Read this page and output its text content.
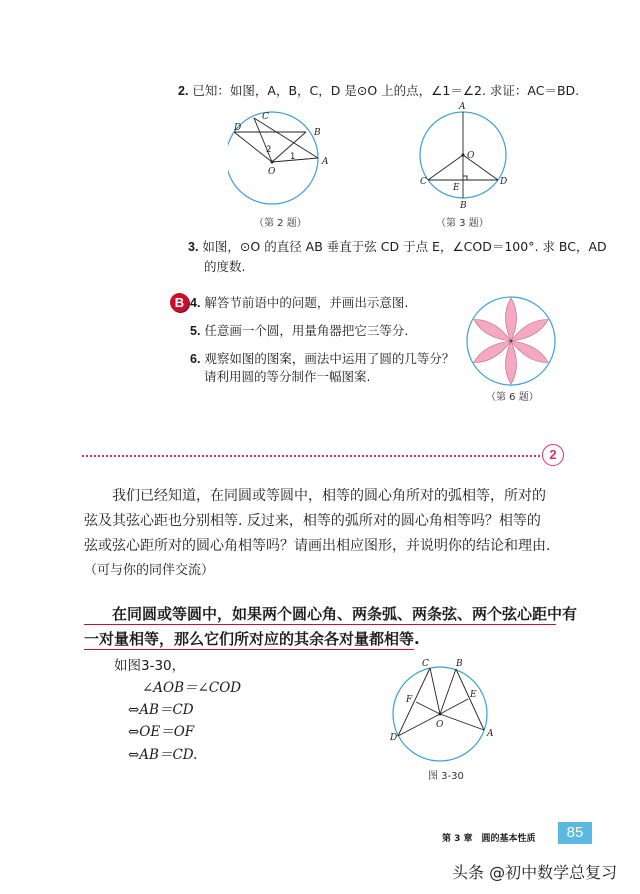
2. 已知：如图，A，B，C，D 是⊙O 上的点，∠1＝∠2. 求证：AC＝BD.
C
D	B
A
O
1
2
（第 2 题）
A
O
C
E
D
B
（第 3 题）
3. 如图，⊙O 的直径 AB 垂直于弦 CD 于点 E，∠COD＝100°. 求 BC，AD
的度数.
B 4. 解答节前语中的问题，并画出示意图.
5. 任意画一个圆，用量角器把它三等分.
6. 观察如图的图案，画法中运用了圆的几等分？
请利用圆的等分制作一幅图案.
（第 6 题）
2
我们已经知道，在同圆或等圆中，相等的圆心角所对的弧相等，所对的
弦及其弦心距也分别相等. 反过来，相等的弧所对的圆心角相等吗？相等的
弦或弦心距所对的圆心角相等吗？请画出相应图形，并说明你的结论和理由.
（可与你的同伴交流）
在同圆或等圆中，如果两个圆心角、两条弧、两条弦、两个弦心距中有
一对量相等，那么它们所对应的其余各对量都相等.
如图3-30，
∠AOB＝∠COD
⇔AB＝CD
⇔OE＝OF
⇔AB＝CD.
C	B
F	E
O
D	A
图 3-30
第 3 章　圆的基本性质	85
头条 @初中数学总复习
